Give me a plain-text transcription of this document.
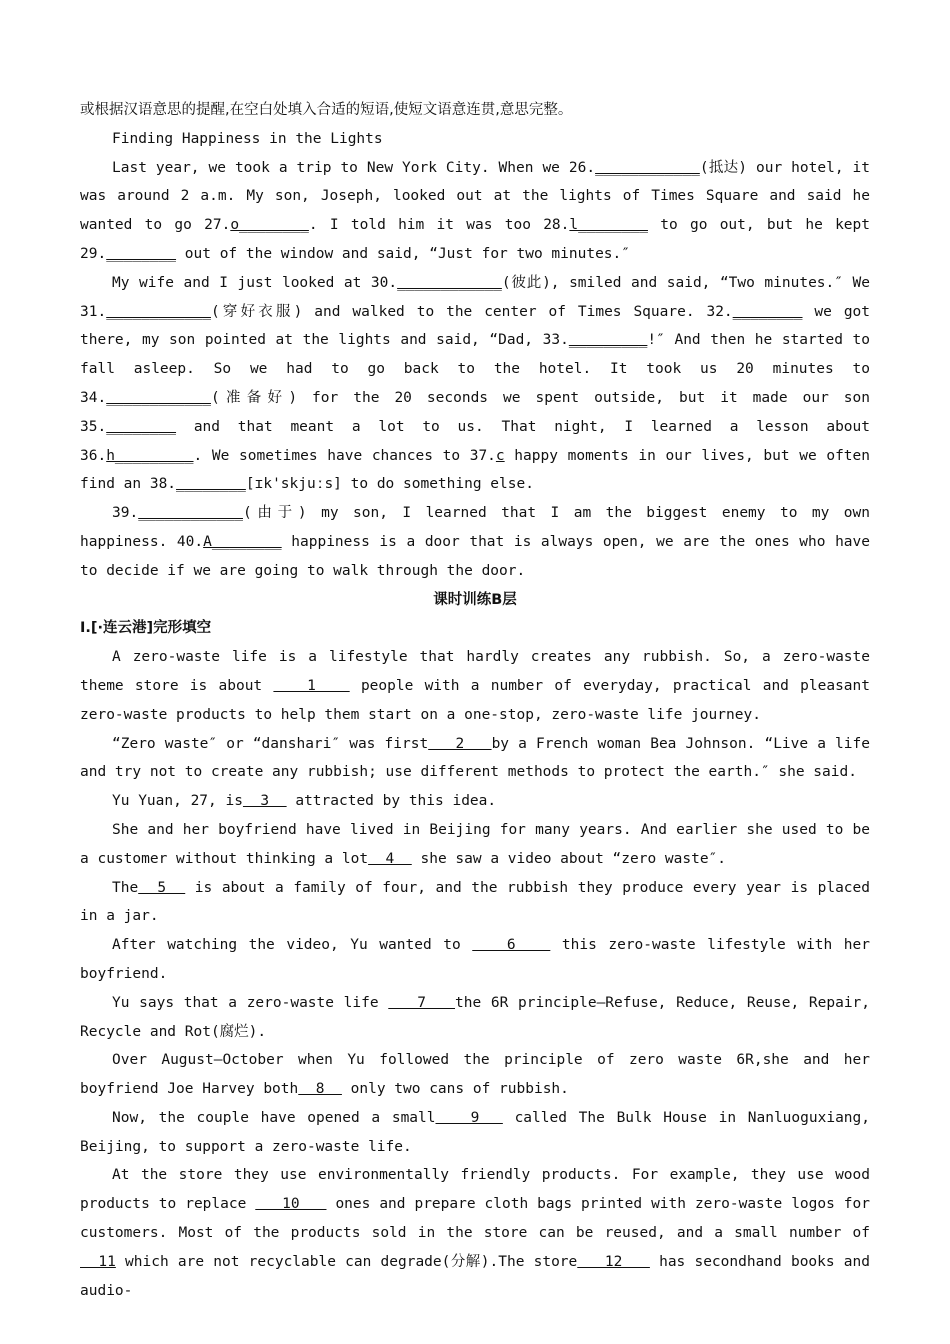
或根据汉语意思的提醒,在空白处填入合适的短语,使短文语意连贯,意思完整。

Finding Happiness in the Lights

Last year, we took a trip to New York City. When we 26.____________(抵达) our hotel, it was around 2 a.m. My son, Joseph, looked out at the lights of Times Square and said he wanted to go 27.o________. I told him it was too 28.l________ to go out, but he kept 29.________ out of the window and said, “Just for two minutes.″

My wife and I just looked at 30.____________(彼此), smiled and said, “Two minutes.″ We 31.____________(穿好衣服) and walked to the center of Times Square. 32.________ we got there, my son pointed at the lights and said, “Dad, 33._________!″ And then he started to fall asleep. So we had to go back to the hotel. It took us 20 minutes to 34.____________(准备好) for the 20 seconds we spent outside, but it made our son 35.________ and that meant a lot to us. That night, I learned a lesson about 36.h_________. We sometimes have chances to 37.c happy moments in our lives, but we often find an 38.________[ɪk'skjuːs] to do something else.

39.____________(由于) my son, I learned that I am the biggest enemy to my own happiness. 40.A________ happiness is a door that is always open, we are the ones who have to decide if we are going to walk through the door.

课时训练B层

Ⅰ.[·连云港]完形填空

A zero-waste life is a lifestyle that hardly creates any rubbish. So, a zero-waste theme store is about    1    people with a number of everyday, practical and pleasant zero-waste products to help them start on a one-stop, zero-waste life journey.

“Zero waste″ or “danshari″ was first   2   by a French woman Bea Johnson. “Live a life and try not to create any rubbish; use different methods to protect the earth.″ she said.

Yu Yuan, 27, is  3   attracted by this idea.

She and her boyfriend have lived in Beijing for many years. And earlier she used to be a customer without thinking a lot  4   she saw a video about “zero waste″.

The  5   is about a family of four, and the rubbish they produce every year is placed in a jar.

After watching the video, Yu wanted to    6    this zero-waste lifestyle with her boyfriend.

Yu says that a zero-waste life    7   the 6R principle—Refuse, Reduce, Reuse, Repair, Recycle and Rot(腐烂).

Over August—October when Yu followed the principle of zero waste 6R,she and her boyfriend Joe Harvey both  8   only two cans of rubbish.

Now, the couple have opened a small   9   called The Bulk House in Nanluoguxiang, Beijing, to support a zero-waste life.

At the store they use environmentally friendly products. For example, they use wood products to replace    10    ones and prepare cloth bags printed with zero-waste logos for customers. Most of the products sold in the store can be reused, and a small number of   11 which are not recyclable can degrade(分解).The store   12    has secondhand books and audio-
